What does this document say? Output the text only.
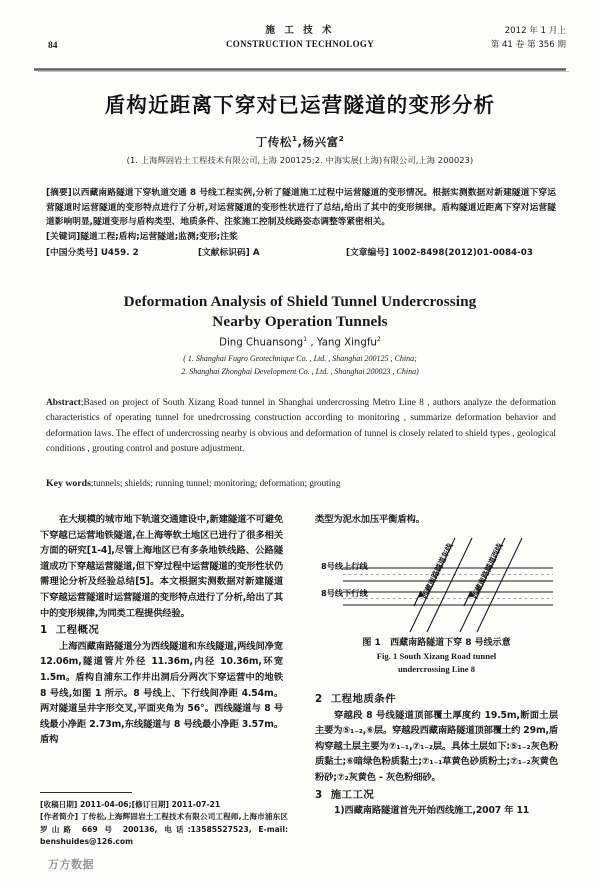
施 工 技 术
CONSTRUCTION TECHNOLOGY
84
2012 年 1 月上
第 41 卷 第 356 期
盾构近距离下穿对已运营隧道的变形分析
丁传松$^1$,杨兴富$^2$
(1. 上海辉固岩土工程技术有限公司,上海 200125;2. 中海实展(上海)有限公司,上海 200023)

[摘要]以西藏南路隧道下穿轨道交通 8 号线工程实例,分析了隧道施工过程中运营隧道的变形情况。根据实测数据对新建隧道下穿运营隧道时运营隧道的变形特点进行了分析,对运营隧道的变形性状进行了总结,给出了其中的变形规律。盾构隧道近距离下穿对运营隧道影响明显,隧道变形与盾构类型、地质条件、注浆施工控制及线路姿态调整等紧密相关。

[关键词]隧道工程;盾构;运营隧道;监测;变形;注浆

[中国分类号] U459. 2	[文献标识码] A	[文章编号] 1002-8498(2012)01-0084-03
Deformation Analysis of Shield Tunnel Undercrossing
Nearby Operation Tunnels
Ding Chuansong$^1$ , Yang Xingfu$^2$
( 1. Shanghai Fugro Geotechnique Co. , Ltd. , Shanghai 200125 , China;
2. Shanghai Zhonghai Development Co. , Ltd. , Shanghai 200023 , China)

Abstract;Based on project of South Xizang Road tunnel in Shanghai undercrossing Metro Line 8 , authors analyze the deformation characteristics of operating tunnel for unedrcrossing construction according to monitoring , summarize deformation behavior and deformation laws. The effect of undercrossing nearby is obvious and deformation of tunnel is closely related to shield types , geological conditions , grouting control and posture adjustment.

Key words;tunnels; shields; running tunnel; monitoring; deformation; grouting

在大规模的城市地下轨道交通建设中,新建隧道不可避免下穿越已运营地铁隧道,在上海等软土地区已进行了很多相关方面的研究[1-4],尽管上海地区已有多条地铁线路、公路隧道成功下穿越运营隧道,但下穿过程中运营隧道的变形性状仍需理论分析及经验总结[5]。本文根据实测数据对新建隧道下穿越运营隧道时运营隧道的变形特点进行了分析,给出了其中的变形规律,为同类工程提供经验。

1 工程概况

上海西藏南路隧道分为西线隧道和东线隧道,两线间净宽 12.06m,隧道管片外径 11.36m,内径 10.36m,环宽 1.5m。盾构自浦东工作井出洞后分两次下穿运营中的地铁 8 号线,如图 1 所示。8 号线上、下行线间净距 4.54m。两对隧道呈井字形交叉,平面夹角为 56°。西线隧道与 8 号线最小净距 2.73m,东线隧道与 8 号线最小净距 3.57m。盾构

类型为泥水加压平衡盾构。

8号线上行线
8号线下行线	西藏南路隧道东线 西藏南路隧道西线
图 1 西藏南路隧道下穿 8 号线示意
Fig. 1 South Xizang Road tunnel
undercrossing Line 8
2 工程地质条件

穿越段 8 号线隧道顶部覆土厚度约 19.5m,断面土层主要为⑤₁₋₂,⑥层。穿越段西藏南路隧道顶部覆土约 29m,盾构穿越土层主要为⑦₁₋₁,⑦₁₋₂层。具体土层如下:⑤₁₋₂灰色粉质黏土;⑥暗绿色粉质黏土;⑦₁₋₁草黄色砂质粉土;⑦₁₋₂灰黄色粉砂;⑦₂灰黄色 - 灰色粉细砂。

3 施工工况

1)西藏南路隧道首先开始西线施工,2007 年 11

[收稿日期] 2011-04-06;[修订日期] 2011-07-21

[作者简介] 丁传松,上海辉固岩土工程技术有限公司工程师,上海市浦东区罗山路 669 号 200136, 电话:13585527523, E-mail: benshuides@126.com

万方数据
